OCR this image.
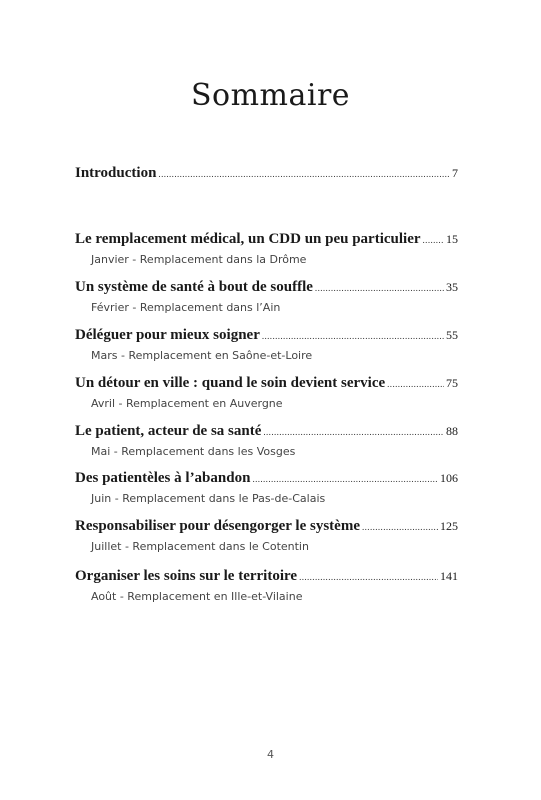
Sommaire
Introduction .....	7
Le remplacement médical, un CDD un peu particulier ..... 15
Janvier - Remplacement dans la Drôme
Un système de santé à bout de souffle .....	35
Février - Remplacement dans l’Ain
Déléguer pour mieux soigner .....	55
Mars - Remplacement en Saône-et-Loire
Un détour en ville : quand le soin devient service .....	75
Avril - Remplacement en Auvergne
Le patient, acteur de sa santé .....	88
Mai - Remplacement dans les Vosges
Des patientèles à l’abandon .....	106
Juin - Remplacement dans le Pas-de-Calais
Responsabiliser pour désengorger le système .....	125
Juillet - Remplacement dans le Cotentin
Organiser les soins sur le territoire .....	141
Août - Remplacement en Ille-et-Vilaine
4
